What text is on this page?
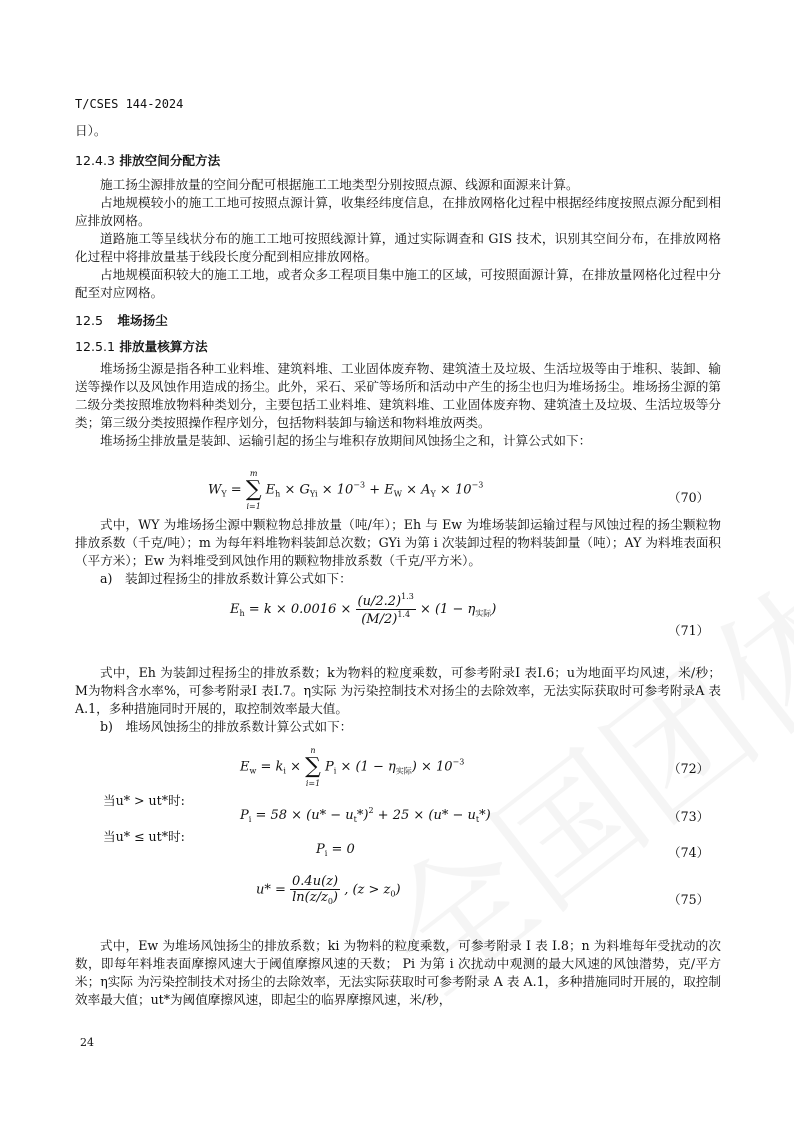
T/CSES 144-2024
日）。
12.4.3 排放空间分配方法

施工扬尘源排放量的空间分配可根据施工工地类型分别按照点源、线源和面源来计算。

占地规模较小的施工工地可按照点源计算，收集经纬度信息，在排放网格化过程中根据经纬度按照点源分配到相应排放网格。

道路施工等呈线状分布的施工工地可按照线源计算，通过实际调查和 GIS 技术，识别其空间分布，在排放网格化过程中将排放量基于线段长度分配到相应排放网格。

占地规模面积较大的施工工地，或者众多工程项目集中施工的区域，可按照面源计算，在排放量网格化过程中分配至对应网格。

12.5 堆场扬尘
12.5.1 排放量核算方法

堆场扬尘源是指各种工业料堆、建筑料堆、工业固体废弃物、建筑渣土及垃圾、生活垃圾等由于堆积、装卸、输送等操作以及风蚀作用造成的扬尘。此外，采石、采矿等场所和活动中产生的扬尘也归为堆场扬尘。堆场扬尘源的第二级分类按照堆放物料种类划分，主要包括工业料堆、建筑料堆、工业固体废弃物、建筑渣土及垃圾、生活垃圾等分类；第三级分类按照操作程序划分，包括物料装卸与输送和物料堆放两类。

堆场扬尘排放量是装卸、运输引起的扬尘与堆积存放期间风蚀扬尘之和，计算公式如下：

$W_Y$ =
m
∑
i=1
$E_h \times G_{Yi} \times 10^{-3} + E_W \times A_Y \times 10^{-3}$
（70）

式中，WY 为堆场扬尘源中颗粒物总排放量（吨/年）；Eh 与 Ew 为堆场装卸运输过程与风蚀过程的扬尘颗粒物排放系数（千克/吨）；m 为每年料堆物料装卸总次数；GYi 为第 i 次装卸过程的物料装卸量（吨）；AY 为料堆表面积（平方米）；Ew 为料堆受到风蚀作用的颗粒物排放系数（千克/平方米）。

a)　装卸过程扬尘的排放系数计算公式如下：

$E_h = k \times 0.0016 \times \frac{(u/2.2)^{1.3}}{(M/2)^{1.4}} \times (1 - \eta_{实际})$
（71）

式中，Eh 为装卸过程扬尘的排放系数；k为物料的粒度乘数，可参考附录I 表I.6；u为地面平均风速，米/秒；M为物料含水率%，可参考附录I 表I.7。η实际 为污染控制技术对扬尘的去除效率，无法实际获取时可参考附录A 表A.1，多种措施同时开展的，取控制效率最大值。

b)　堆场风蚀扬尘的排放系数计算公式如下：

$E_w = k_i$ ×
n
∑
i=1
$P_i \times (1 - \eta_{实际}) \times 10^{-3}$	（72）
当u* > ut*时:
$P_i = 58 \times (u* - u_t*)^2 + 25 \times (u* - u_t*)$	（73）
当u* ≤ ut*时:
$P_i = 0$	（74）
$u* = \frac{0.4u(z)}{\ln(z/z_0)}$ , $(z > z_0)$
（75）

式中，Ew 为堆场风蚀扬尘的排放系数；ki 为物料的粒度乘数，可参考附录 I 表 I.8；n 为料堆每年受扰动的次数，即每年料堆表面摩擦风速大于阈值摩擦风速的天数； Pi 为第 i 次扰动中观测的最大风速的风蚀潜势，克/平方米；η实际 为污染控制技术对扬尘的去除效率，无法实际获取时可参考附录 A 表 A.1，多种措施同时开展的，取控制效率最大值；ut*为阈值摩擦风速，即起尘的临界摩擦风速，米/秒，

24
